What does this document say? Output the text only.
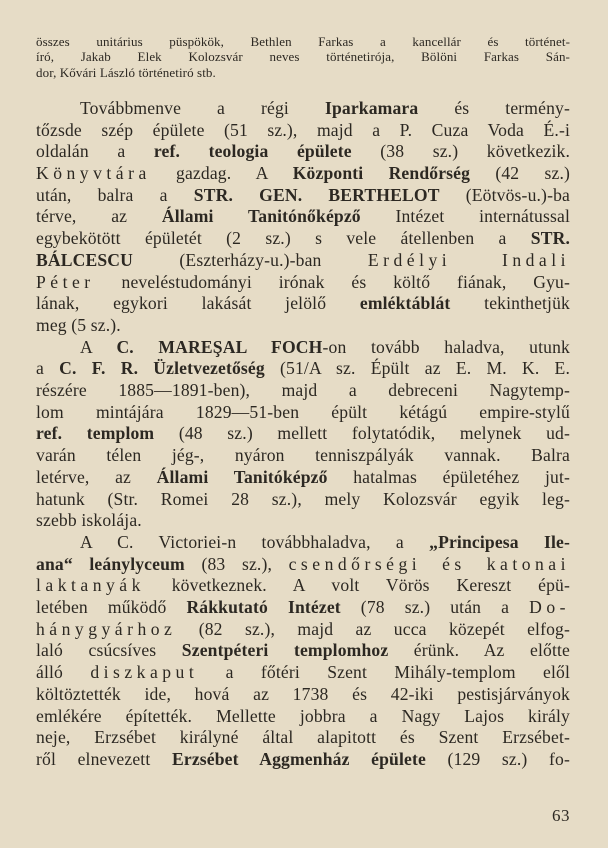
összes unitárius püspökök, Bethlen Farkas a kancellár és történet-
író, Jakab Elek Kolozsvár neves történetirója, Bölöni Farkas Sán-
dor, Kővári László történetiró stb.

Továbbmenve a régi Iparkamara és termény-
tőzsde szép épülete (51 sz.), majd a P. Cuza Voda É.-i
oldalán a ref. teologia épülete (38 sz.) következik.
Könyvtára gazdag. A Központi Rendőrség (42 sz.)
után, balra a STR. GEN. BERTHELOT (Eötvös-u.)-ba
térve, az Állami Tanitónőképző Intézet internátussal
egybekötött épületét (2 sz.) s vele átellenben a STR.
BÁLCESCU (Eszterházy-u.)-ban Erdélyi Indali
Péter neveléstudományi irónak és költő fiának, Gyu-
lának, egykori lakását jelölő emléktáblát tekinthetjük
meg (5 sz.).

A C. MAREŞAL FOCH-on tovább haladva, utunk
a C. F. R. Üzletvezetőség (51/A sz. Épült az E. M. K. E.
részére 1885—1891-ben), majd a debreceni Nagytemp-
lom mintájára 1829—51-ben épült kétágú empire-stylű
ref. templom (48 sz.) mellett folytatódik, melynek ud-
varán télen jég-, nyáron tenniszpályák vannak. Balra
letérve, az Állami Tanitóképző hatalmas épületéhez jut-
hatunk (Str. Romei 28 sz.), mely Kolozsvár egyik leg-
szebb iskolája.

A C. Victoriei-n továbbhaladva, a „Principesa Ile-
ana“ leánylyceum (83 sz.), csendőrségi és katonai
laktanyák következnek. A volt Vörös Kereszt épü-
letében működő Rákkutató Intézet (78 sz.) után a Do-
hánygyárhoz (82 sz.), majd az ucca közepét elfog-
laló csúcsíves Szentpéteri templomhoz érünk. Az előtte
álló diszkaput a főtéri Szent Mihály-templom elől
költöztették ide, hová az 1738 és 42-iki pestisjárványok
emlékére építették. Mellette jobbra a Nagy Lajos király
neje, Erzsébet királyné által alapitott és Szent Erzsébet-
ről elnevezett Erzsébet Aggmenház épülete (129 sz.) fo-

63
